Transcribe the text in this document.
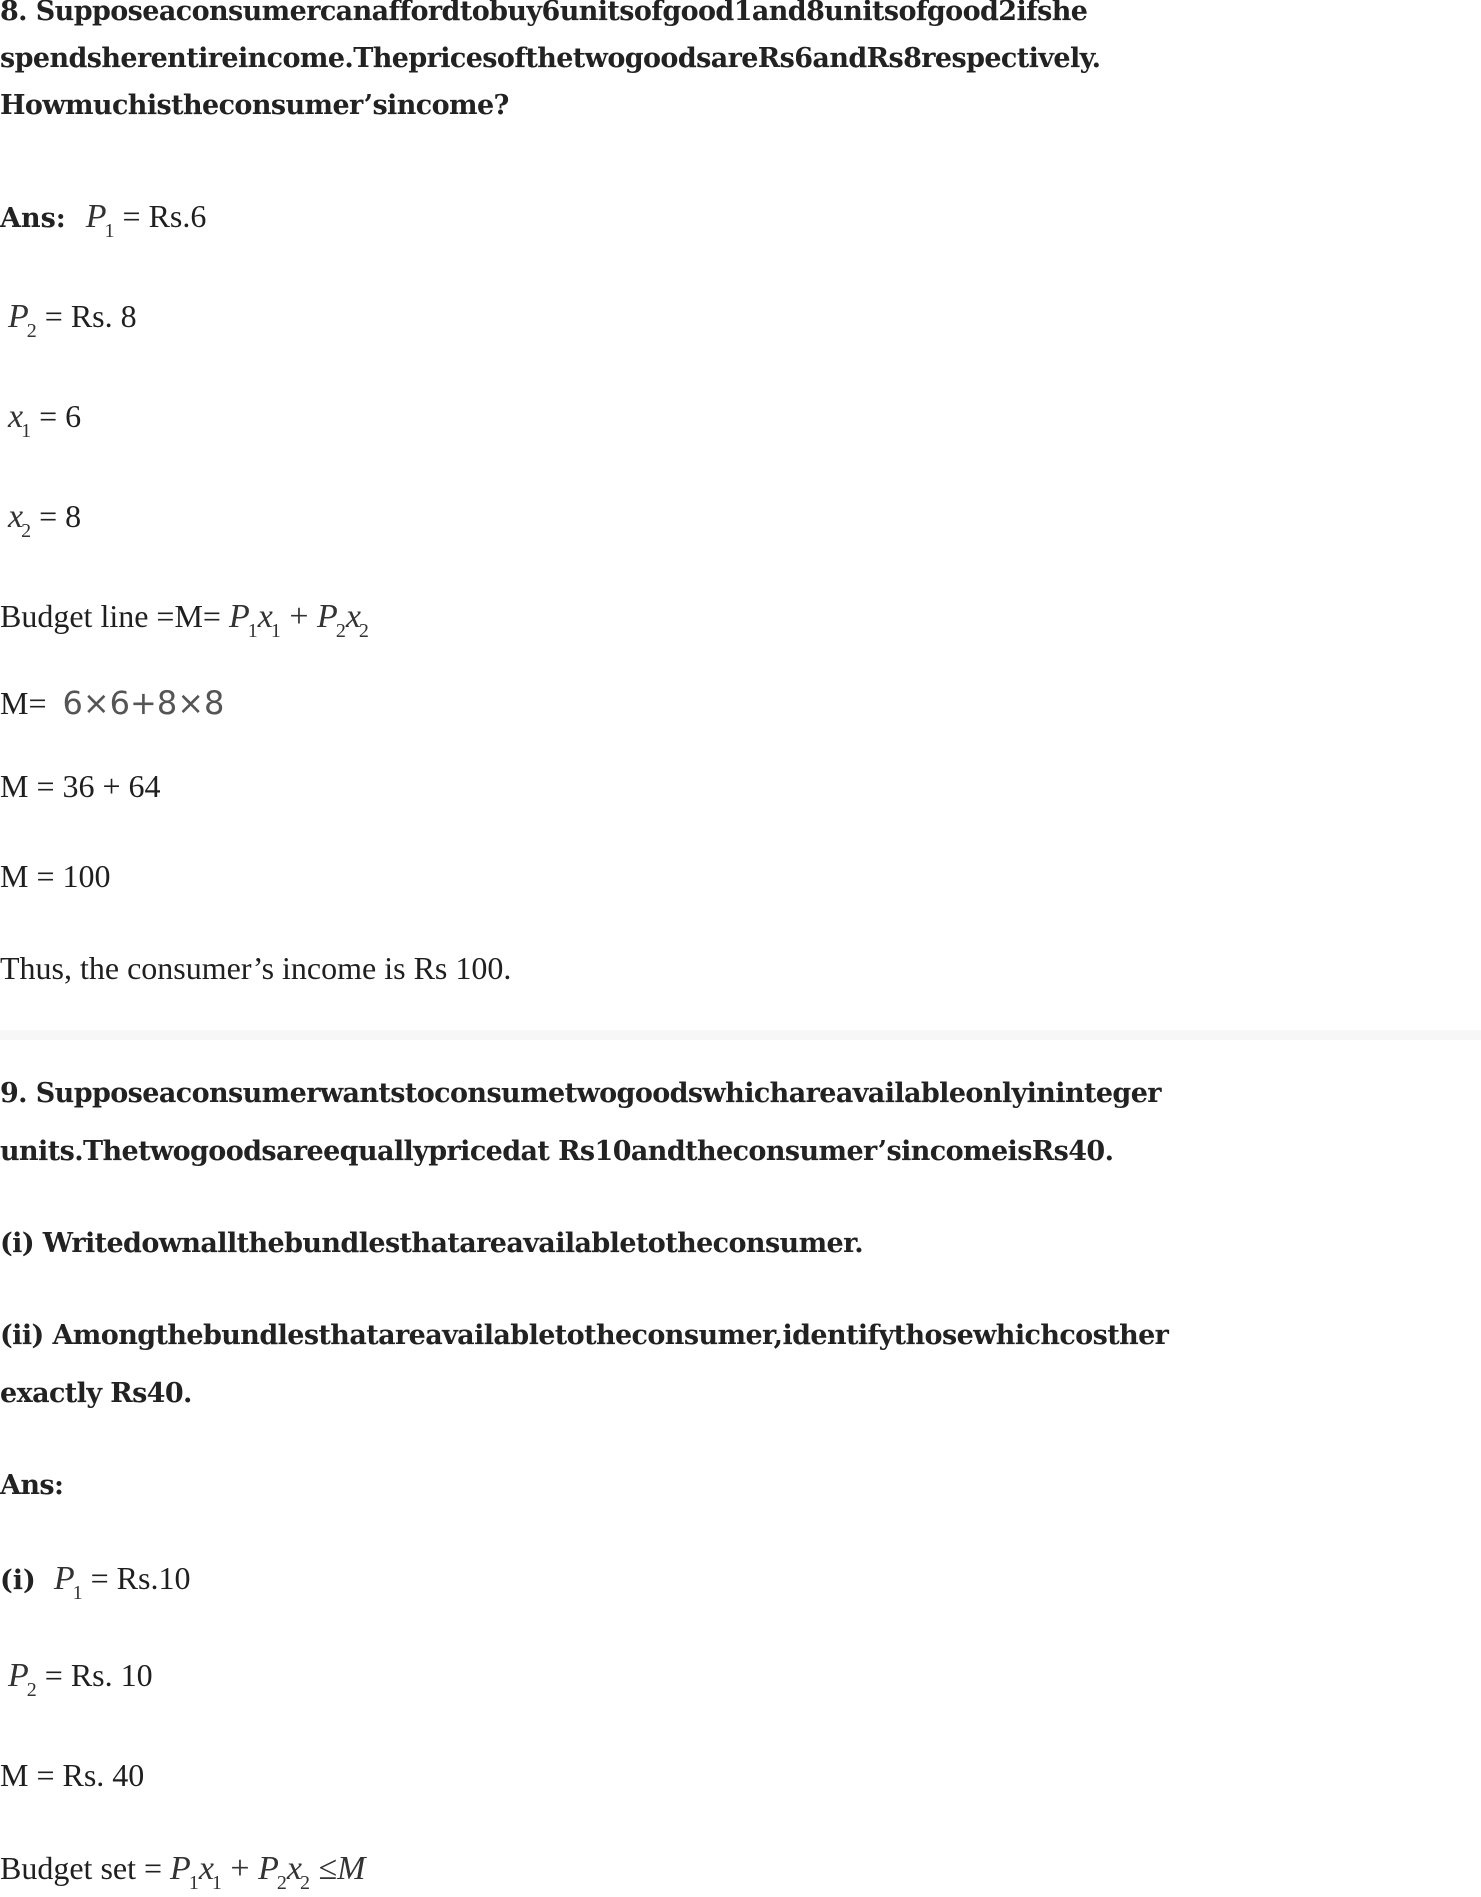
8. Supposeaconsumercanaffordtobuy6unitsofgood1and8unitsofgood2ifshe
spendsherentireincome.ThepricesofthetwogoodsareRs6andRs8respectively.
Howmuchistheconsumer’sincome?
Ans: $P_1 = Rs.6$
$P_2 = Rs$. 8
$x_1 = 6$
$x_2 = 8$
Budget line $=M= P_1x_1 + P_2x_2$
M= 6×6+8×8
M = 36 + 64
M = 100
Thus, the consumer’s income is Rs 100.
9. Supposeaconsumerwantstoconsumetwogoodswhichareavailableonlyininteger
units.Thetwogoodsareequallypricedat Rs10andtheconsumer’sincomeisRs40.
(i) Writedownallthebundlesthatareavailabletotheconsumer.
(ii) Amongthebundlesthatareavailabletotheconsumer,identifythosewhichcosther
exactly Rs40.
Ans:
(i) $P_1 = Rs.10$
$P_2 = Rs$. 10
M = Rs. 40
Budget set = $P_1x_1 + P_2x_2 \le M$
